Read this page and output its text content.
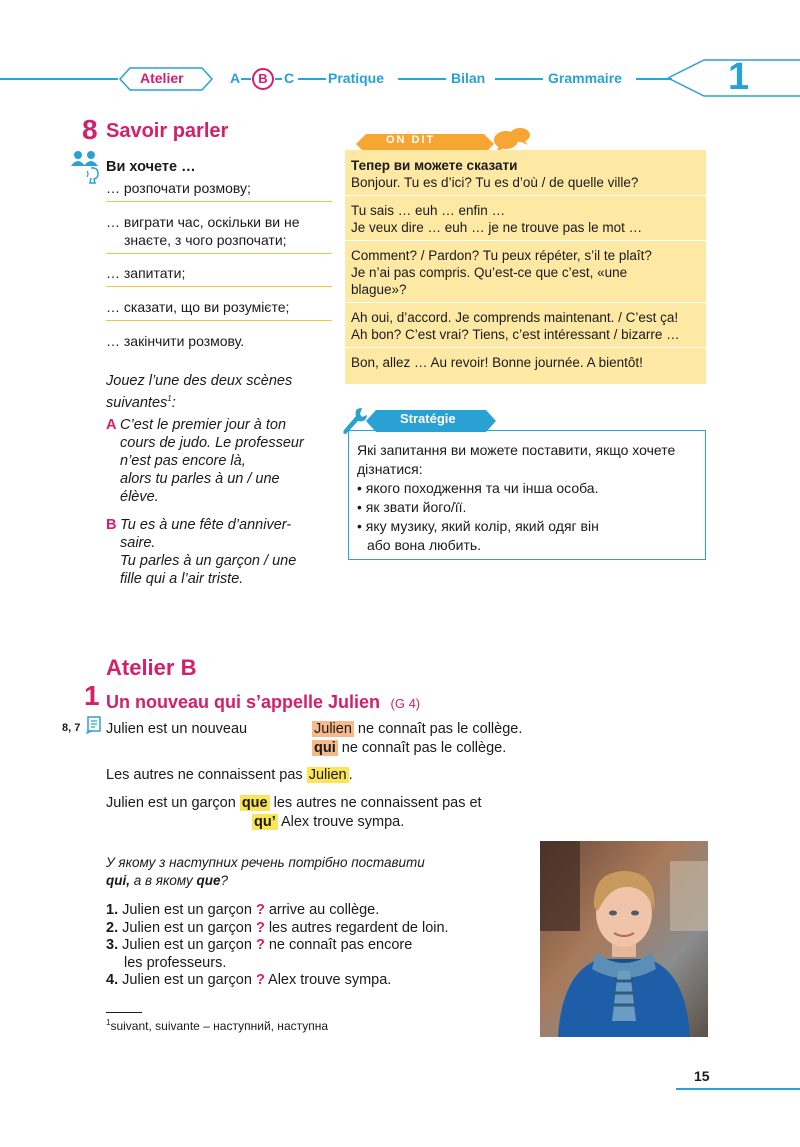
Atelier	A	B	C Pratique	Bilan	Grammaire	1
8 Savoir parler
Ви хочете …
… розпочати розмову;
… виграти час, оскільки ви не знаєте, з чого розпочати;
… запитати;
… сказати, що ви розумієте;
… закінчити розмову.
Jouez l’une des deux scènes suivantes$^1$:
A C’est le premier jour à ton
cours de judo. Le professeur
n’est pas encore là,
alors tu parles à un / une
élève.
B Tu es à une fête d’anniver-
saire.
Tu parles à un garçon / une
fille qui a l’air triste.
ON DIT
Тепер ви можете сказати
Bonjour. Tu es d’ici? Tu es d’où / de quelle ville?
Tu sais … euh … enfin …
Je veux dire … euh … je ne trouve pas le mot …
Comment? / Pardon? Tu peux répéter, s’il te plaît?
Je n’ai pas compris. Qu’est-ce que c’est, «une
blague»?
Ah oui, d’accord. Je comprends maintenant. / C’est ça!
Ah bon? C’est vrai? Tiens, c’est intéressant / bizarre …
Bon, allez … Au revoir! Bonne journée. A bientôt!
Які запитання ви можете поставити, якщо хочете дізнатися:
• якого походження та чи інша особа.
• як звати його/її.
• яку музику, який колір, який одяг він
або вона любить.
Stratégie
Atelier B
1 Un nouveau qui s’appelle Julien (G 4)
8, 7 Julien est un nouveau	Julien ne connaît pas le collège.
qui ne connaît pas le collège.
Les autres ne connaissent pas Julien .
Julien est un garçon que les autres ne connaissent pas et
qu’ Alex trouve sympa.
У якому з наступних речень потрібно поставити
qui, а в якому que?
1. Julien est un garçon ? arrive au collège.
2. Julien est un garçon ? les autres regardent de loin.
3. Julien est un garçon ? ne connaît pas encore
les professeurs.
4. Julien est un garçon ? Alex trouve sympa.
$^1$suivant, suivante – наступний, наступна
15
